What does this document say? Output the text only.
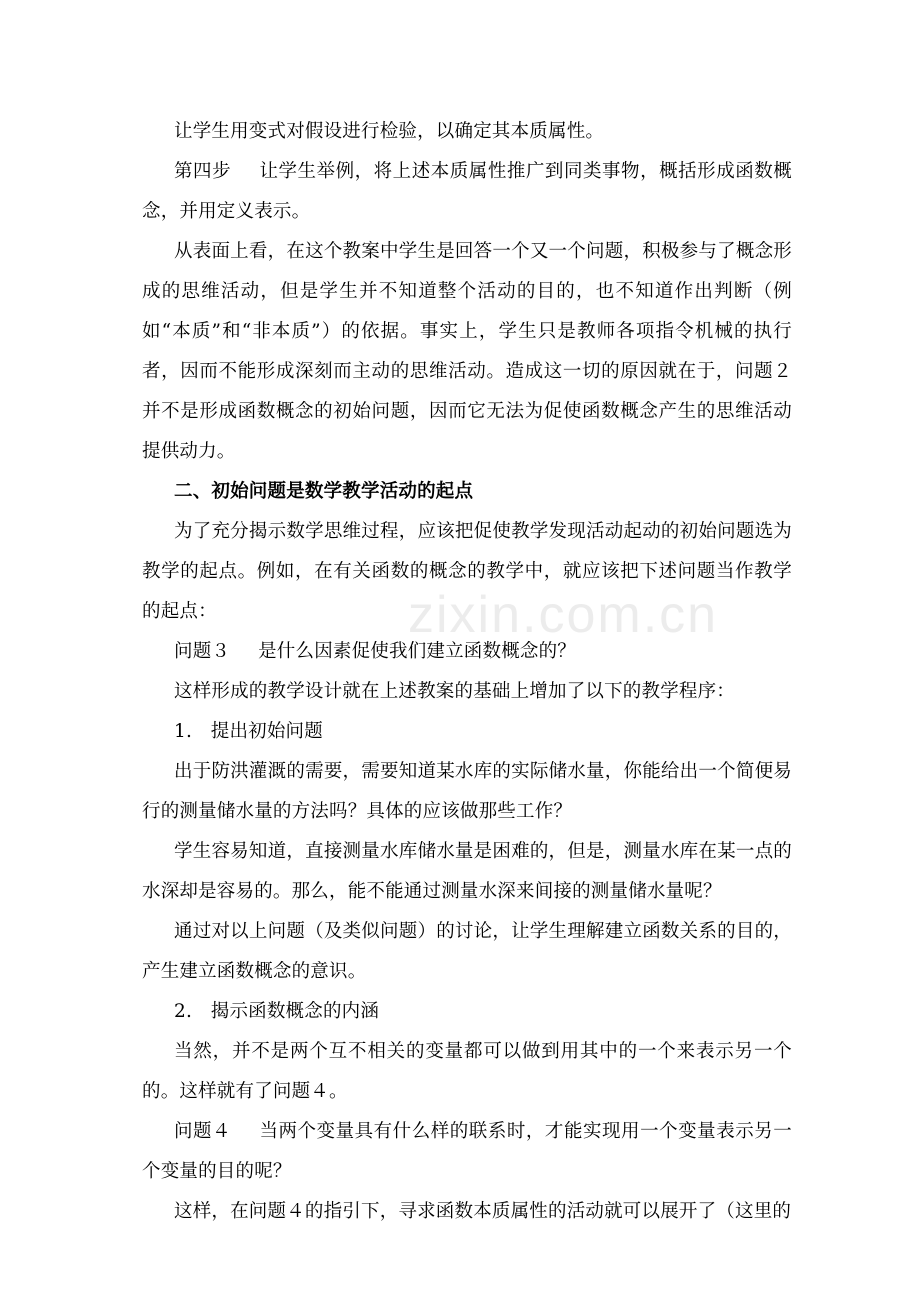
让学生用变式对假设进行检验，以确定其本质属性。

第四步 让学生举例，将上述本质属性推广到同类事物，概括形成函数概念，并用定义表示。

从表面上看，在这个教案中学生是回答一个又一个问题，积极参与了概念形成的思维活动，但是学生并不知道整个活动的目的，也不知道作出判断（例如“本质”和“非本质”）的依据。事实上，学生只是教师各项指令机械的执行者，因而不能形成深刻而主动的思维活动。造成这一切的原因就在于，问题２并不是形成函数概念的初始问题，因而它无法为促使函数概念产生的思维活动提供动力。

二、初始问题是数学教学活动的起点

为了充分揭示数学思维过程，应该把促使教学发现活动起动的初始问题选为教学的起点。例如，在有关函数的概念的教学中，就应该把下述问题当作教学的起点：

问题３ 是什么因素促使我们建立函数概念的？

这样形成的教学设计就在上述教案的基础上增加了以下的教学程序：

1.　提出初始问题

出于防洪灌溉的需要，需要知道某水库的实际储水量，你能给出一个简便易行的测量储水量的方法吗？具体的应该做那些工作？

学生容易知道，直接测量水库储水量是困难的，但是，测量水库在某一点的水深却是容易的。那么，能不能通过测量水深来间接的测量储水量呢？

通过对以上问题（及类似问题）的讨论，让学生理解建立函数关系的目的，产生建立函数概念的意识。

2.　揭示函数概念的内涵

当然，并不是两个互不相关的变量都可以做到用其中的一个来表示另一个的。这样就有了问题４。

问题４ 当两个变量具有什么样的联系时，才能实现用一个变量表示另一个变量的目的呢？

这样，在问题４的指引下，寻求函数本质属性的活动就可以展开了（这里的

zixin.com.cn
